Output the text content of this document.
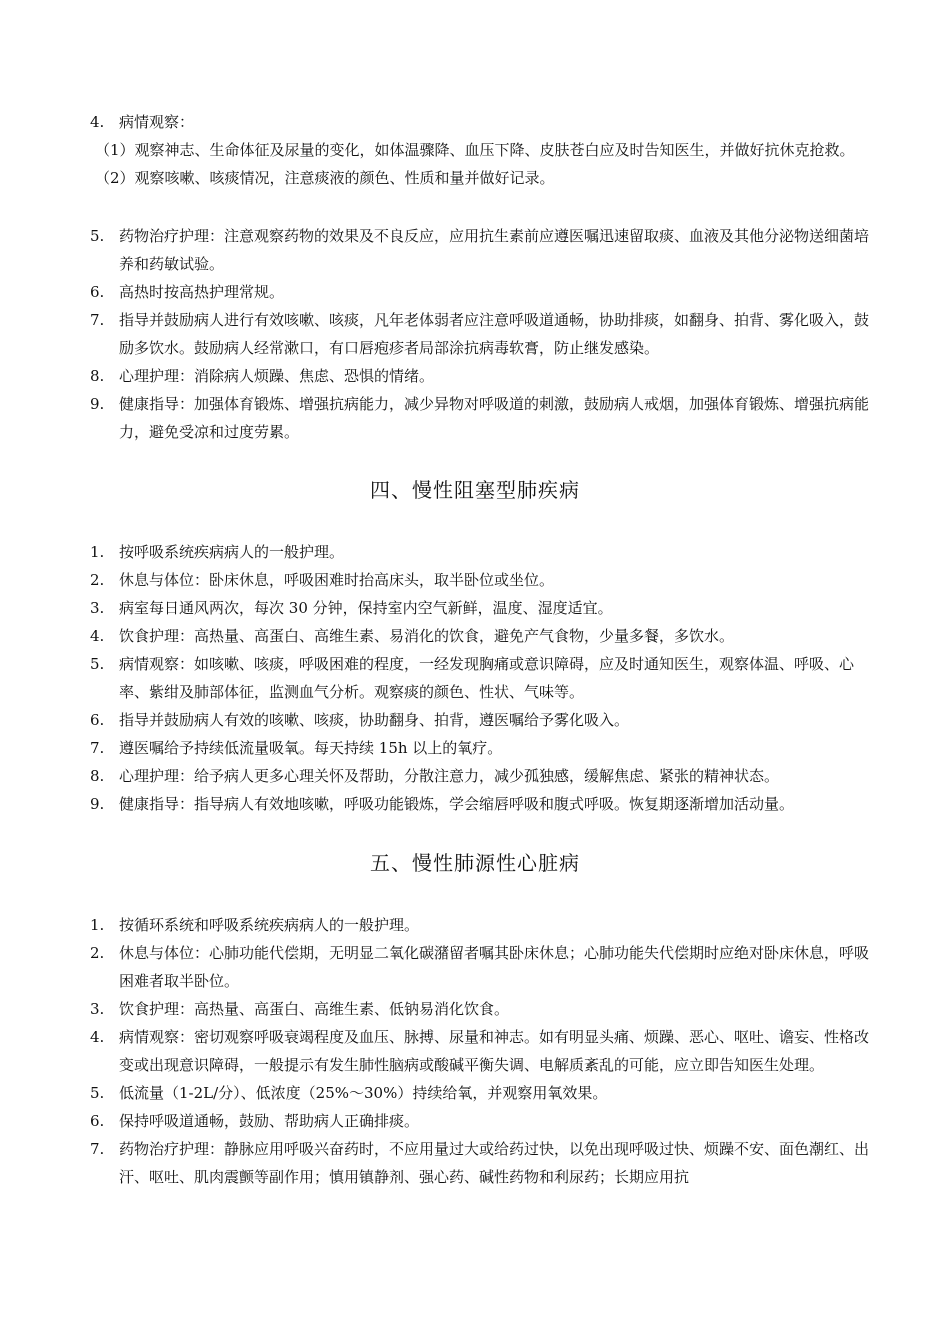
4. 病情观察：
（1）观察神志、生命体征及尿量的变化，如体温骤降、血压下降、皮肤苍白应及时告知医生，并做好抗休克抢救。
（2）观察咳嗽、咳痰情况，注意痰液的颜色、性质和量并做好记录。
5. 药物治疗护理：注意观察药物的效果及不良反应，应用抗生素前应遵医嘱迅速留取痰、血液及其他分泌物送细菌培养和药敏试验。
6. 高热时按高热护理常规。
7. 指导并鼓励病人进行有效咳嗽、咳痰，凡年老体弱者应注意呼吸道通畅，协助排痰，如翻身、拍背、雾化吸入，鼓励多饮水。鼓励病人经常漱口，有口唇疱疹者局部涂抗病毒软膏，防止继发感染。
8. 心理护理：消除病人烦躁、焦虑、恐惧的情绪。
9. 健康指导：加强体育锻炼、增强抗病能力，减少异物对呼吸道的刺激，鼓励病人戒烟，加强体育锻炼、增强抗病能力，避免受凉和过度劳累。
四、慢性阻塞型肺疾病
1. 按呼吸系统疾病病人的一般护理。
2. 休息与体位：卧床休息，呼吸困难时抬高床头，取半卧位或坐位。
3. 病室每日通风两次，每次 30 分钟，保持室内空气新鲜，温度、湿度适宜。
4. 饮食护理：高热量、高蛋白、高维生素、易消化的饮食，避免产气食物，少量多餐，多饮水。
5. 病情观察：如咳嗽、咳痰，呼吸困难的程度，一经发现胸痛或意识障碍，应及时通知医生，观察体温、呼吸、心率、紫绀及肺部体征，监测血气分析。观察痰的颜色、性状、气味等。
6. 指导并鼓励病人有效的咳嗽、咳痰，协助翻身、拍背，遵医嘱给予雾化吸入。
7. 遵医嘱给予持续低流量吸氧。每天持续 15h 以上的氧疗。
8. 心理护理：给予病人更多心理关怀及帮助，分散注意力，减少孤独感，缓解焦虑、紧张的精神状态。
9. 健康指导：指导病人有效地咳嗽，呼吸功能锻炼，学会缩唇呼吸和腹式呼吸。恢复期逐渐增加活动量。
五、慢性肺源性心脏病
1. 按循环系统和呼吸系统疾病病人的一般护理。
2. 休息与体位：心肺功能代偿期，无明显二氧化碳潴留者嘱其卧床休息；心肺功能失代偿期时应绝对卧床休息，呼吸困难者取半卧位。
3. 饮食护理：高热量、高蛋白、高维生素、低钠易消化饮食。
4. 病情观察：密切观察呼吸衰竭程度及血压、脉搏、尿量和神志。如有明显头痛、烦躁、恶心、呕吐、谵妄、性格改变或出现意识障碍，一般提示有发生肺性脑病或酸碱平衡失调、电解质紊乱的可能，应立即告知医生处理。
5. 低流量（1-2L/分）、低浓度（25%～30%）持续给氧，并观察用氧效果。
6. 保持呼吸道通畅，鼓励、帮助病人正确排痰。
7. 药物治疗护理：静脉应用呼吸兴奋药时，不应用量过大或给药过快，以免出现呼吸过快、烦躁不安、面色潮红、出汗、呕吐、肌肉震颤等副作用；慎用镇静剂、强心药、碱性药物和利尿药；长期应用抗
